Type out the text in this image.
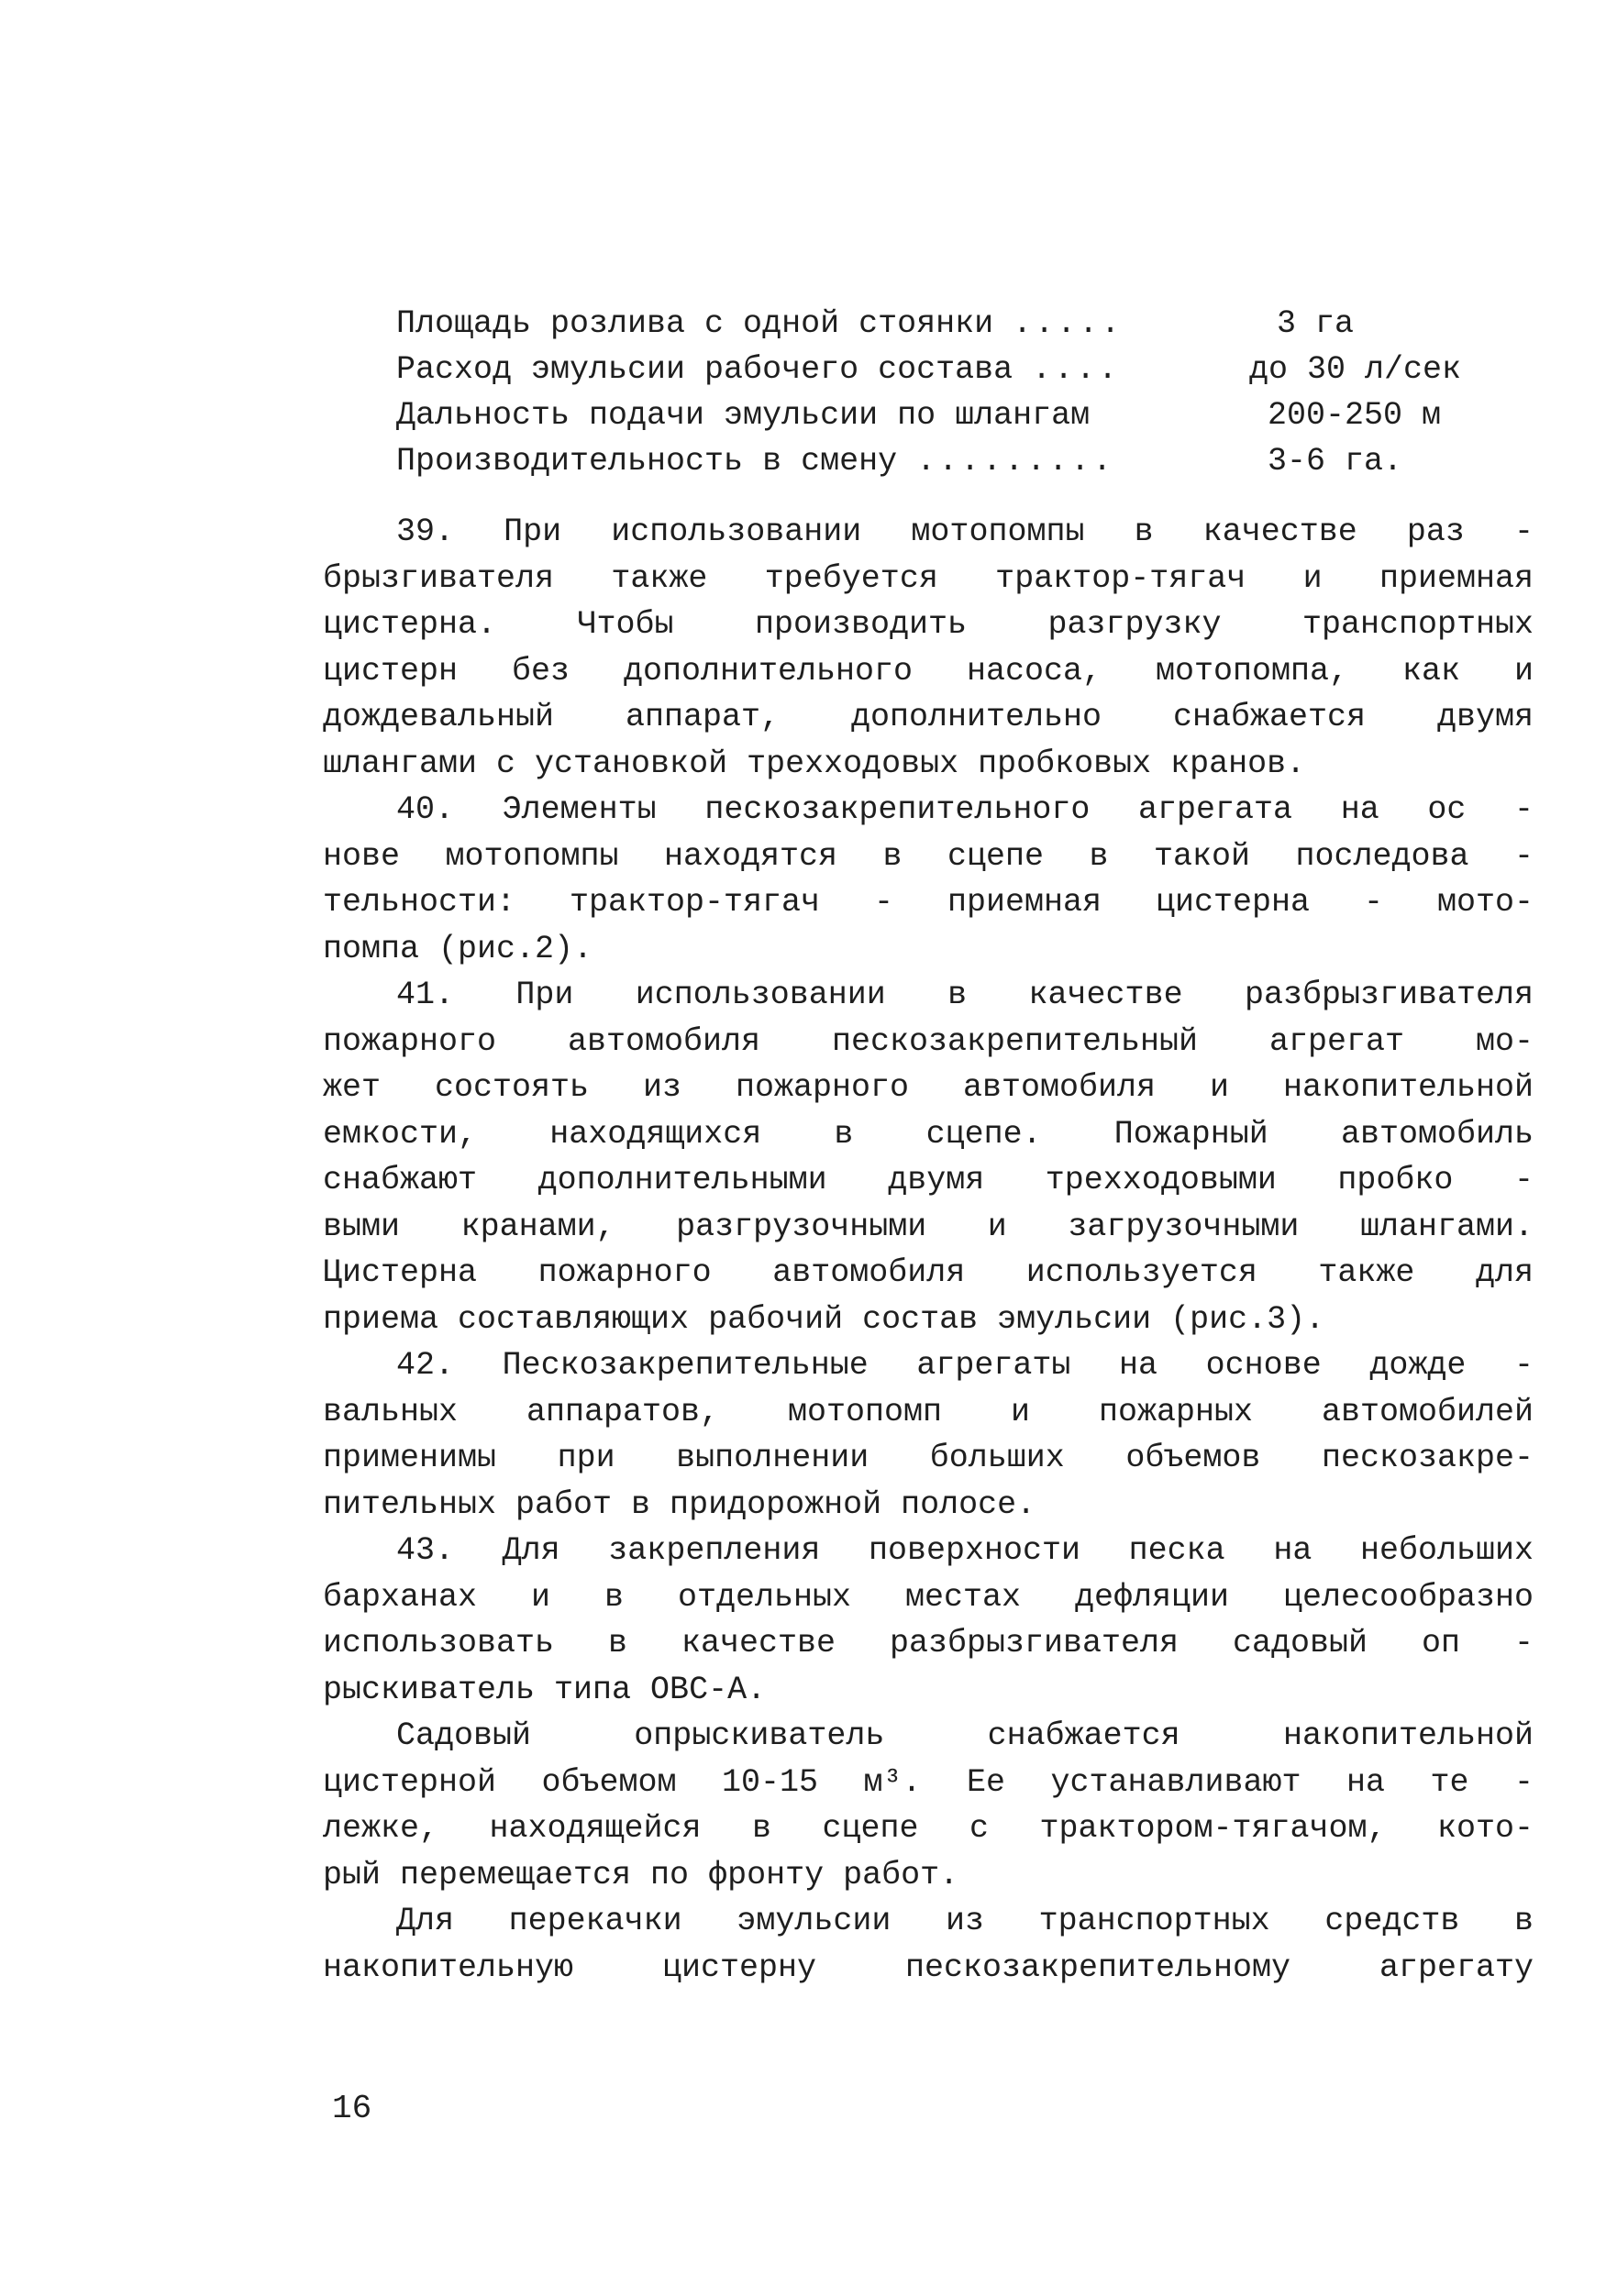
Площадь розлива с одной стоянки .....	3 га
Расход эмульсии рабочего состава ....	до 30 л/сек
Дальность подачи эмульсии по шлангам	200-250 м
Производительность в смену .........	3-6 га.
39. При использовании мотопомпы в качестве раз -
брызгивателя также требуется трактор-тягач и приемная
цистерна. Чтобы производить разгрузку транспортных
цистерн без дополнительного насоса, мотопомпа, как и
дождевальный аппарат, дополнительно снабжается двумя
шлангами с установкой трехходовых пробковых кранов.
40. Элементы пескозакрепительного агрегата на ос -
нове мотопомпы находятся в сцепе в такой последова -
тельности: трактор-тягач - приемная цистерна - мото-
помпа (рис.2).
41. При использовании в качестве разбрызгивателя
пожарного автомобиля пескозакрепительный агрегат мо-
жет состоять из пожарного автомобиля и накопительной
емкости, находящихся в сцепе. Пожарный автомобиль
снабжают дополнительными двумя трехходовыми пробко -
выми кранами, разгрузочными и загрузочными шлангами.
Цистерна пожарного автомобиля используется также для
приема составляющих рабочий состав эмульсии (рис.3).
42. Пескозакрепительные агрегаты на основе дожде -
вальных аппаратов, мотопомп и пожарных автомобилей
применимы при выполнении больших объемов пескозакре-
пительных работ в придорожной полосе.
43. Для закрепления поверхности песка на небольших
барханах и в отдельных местах дефляции целесообразно
использовать в качестве разбрызгивателя садовый оп -
рыскиватель типа ОВС-А.
Садовый опрыскиватель снабжается накопительной
цистерной объемом 10-15 м³. Ее устанавливают на те -
лежке, находящейся в сцепе с трактором-тягачом, кото-
рый перемещается по фронту работ.
Для перекачки эмульсии из транспортных средств в
накопительную цистерну пескозакрепительному агрегату
16
